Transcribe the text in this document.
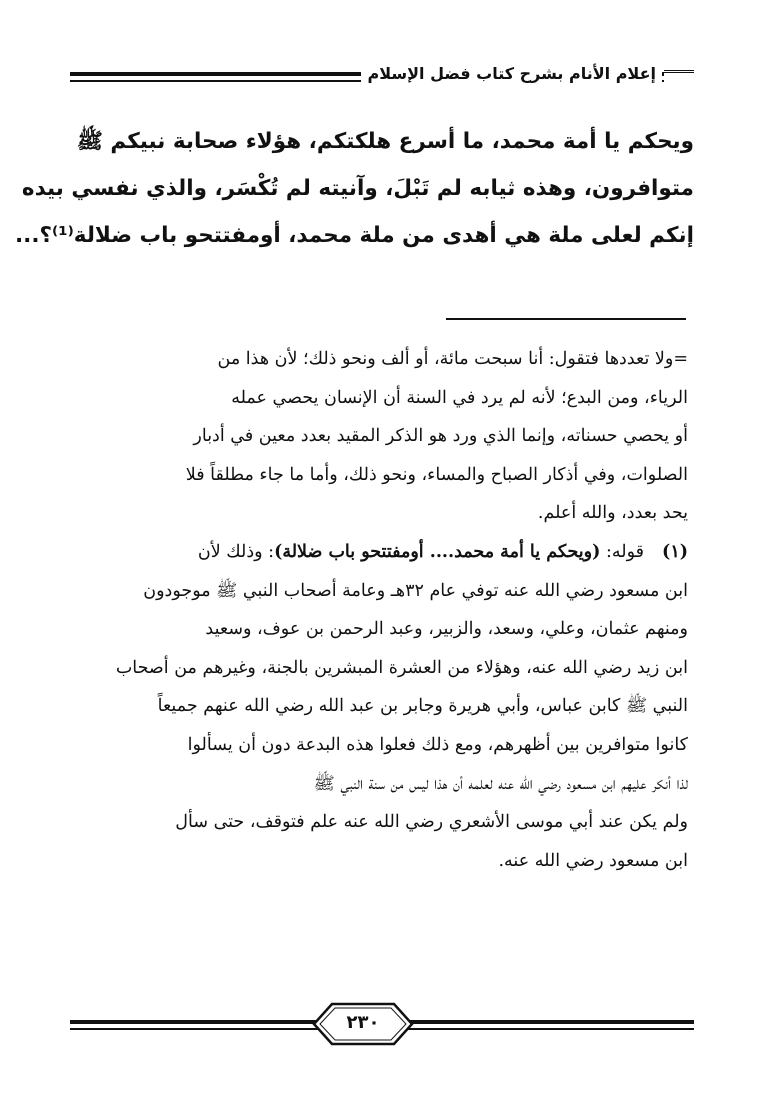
إعلام الأنام بشرح كتاب فضل الإسلام
ويحكم يا أمة محمد، ما أسرع هلكتكم، هؤلاء صحابة نبيكم ﷺ
متوافرون، وهذه ثيابه لم تَبْلَ، وآنيته لم تُكْسَر، والذي نفسي بيده
إنكم لعلى ملة هي أهدى من ملة محمد، أومفتتحو باب ضلالة⁽¹⁾؟...
=ولا تعددها فتقول: أنا سبحت مائة، أو ألف ونحو ذلك؛ لأن هذا من
الرياء، ومن البدع؛ لأنه لم يرد في السنة أن الإنسان يحصي عمله
أو يحصي حسناته، وإنما الذي ورد هو الذكر المقيد بعدد معين في أدبار
الصلوات، وفي أذكار الصباح والمساء، ونحو ذلك، وأما ما جاء مطلقاً فلا
يحد بعدد، والله أعلم.
(١)قوله: (ويحكم يا أمة محمد.... أومفتتحو باب ضلالة): وذلك لأن
ابن مسعود رضي الله عنه توفي عام ٣٢هـ وعامة أصحاب النبي ﷺ موجودون
ومنهم عثمان، وعلي، وسعد، والزبير، وعبد الرحمن بن عوف، وسعيد
ابن زيد رضي الله عنه، وهؤلاء من العشرة المبشرين بالجنة، وغيرهم من أصحاب
النبي ﷺ كابن عباس، وأبي هريرة وجابر بن عبد الله رضي الله عنهم جميعاً
كانوا متوافرين بين أظهرهم، ومع ذلك فعلوا هذه البدعة دون أن يسألوا
لذا أنكر عليهم ابن مسعود رضي الله عنه لعلمه أن هذا ليس من سنة النبي ﷺ
ولم يكن عند أبي موسى الأشعري رضي الله عنه علم فتوقف، حتى سأل
ابن مسعود رضي الله عنه.
٢٣٠
